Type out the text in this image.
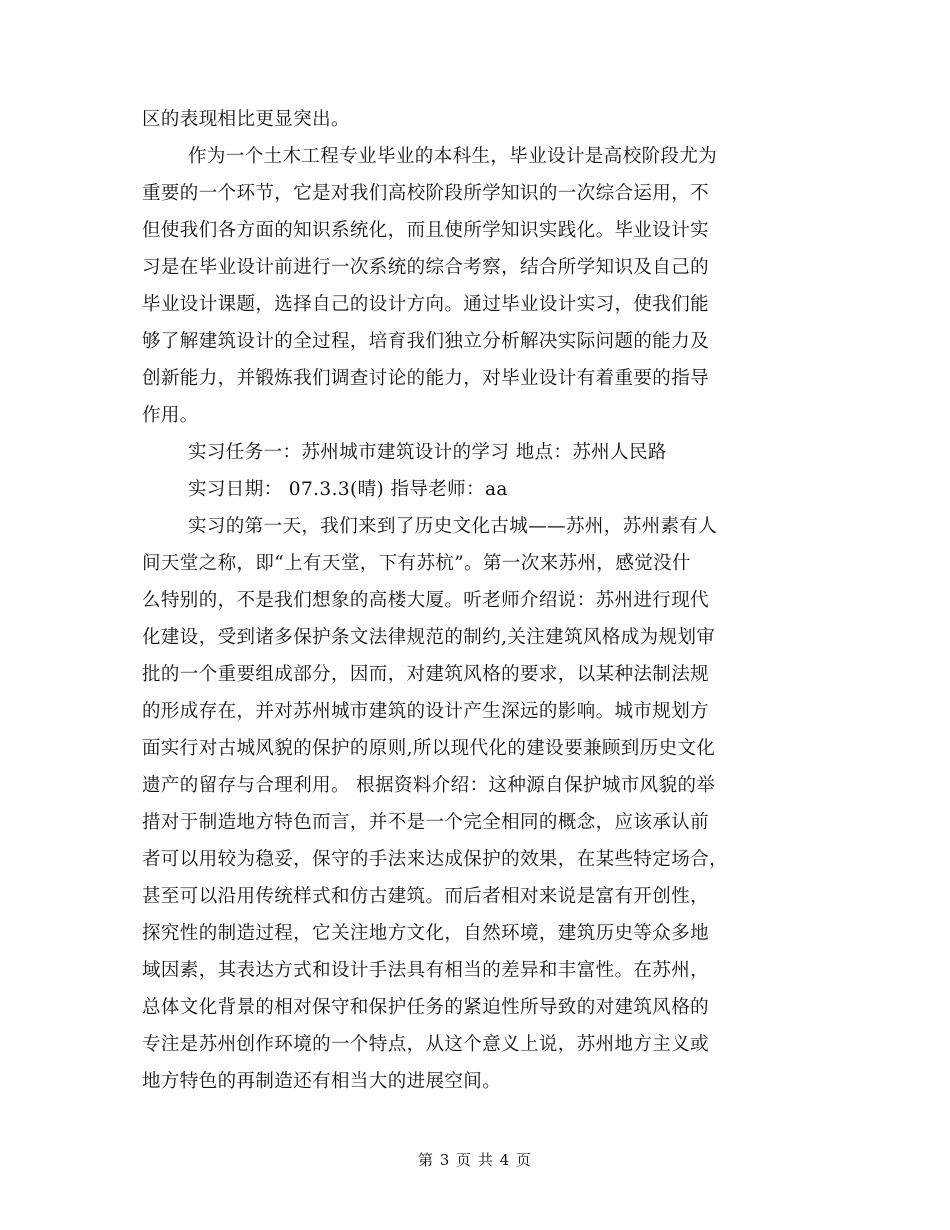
区的表现相比更显突出。
作为一个土木工程专业毕业的本科生，毕业设计是高校阶段尤为
重要的一个环节，它是对我们高校阶段所学知识的一次综合运用，不
但使我们各方面的知识系统化，而且使所学知识实践化。毕业设计实
习是在毕业设计前进行一次系统的综合考察，结合所学知识及自己的
毕业设计课题，选择自己的设计方向。通过毕业设计实习，使我们能
够了解建筑设计的全过程，培育我们独立分析解决实际问题的能力及
创新能力，并锻炼我们调查讨论的能力，对毕业设计有着重要的指导
作用。
实习任务一：苏州城市建筑设计的学习 地点：苏州人民路
实习日期： 07.3.3(晴) 指导老师：aa
实习的第一天，我们来到了历史文化古城——苏州，苏州素有人
间天堂之称，即“上有天堂，下有苏杭”。第一次来苏州，感觉没什
么特别的，不是我们想象的高楼大厦。听老师介绍说：苏州进行现代
化建设，受到诸多保护条文法律规范的制约,关注建筑风格成为规划审
批的一个重要组成部分，因而，对建筑风格的要求，以某种法制法规
的形成存在，并对苏州城市建筑的设计产生深远的影响。城市规划方
面实行对古城风貌的保护的原则,所以现代化的建设要兼顾到历史文化
遗产的留存与合理利用。 根据资料介绍：这种源自保护城市风貌的举
措对于制造地方特色而言，并不是一个完全相同的概念，应该承认前
者可以用较为稳妥，保守的手法来达成保护的效果，在某些特定场合，
甚至可以沿用传统样式和仿古建筑。而后者相对来说是富有开创性，
探究性的制造过程，它关注地方文化，自然环境，建筑历史等众多地
域因素，其表达方式和设计手法具有相当的差异和丰富性。在苏州，
总体文化背景的相对保守和保护任务的紧迫性所导致的对建筑风格的
专注是苏州创作环境的一个特点，从这个意义上说，苏州地方主义或
地方特色的再制造还有相当大的进展空间。
第 3 页 共 4 页
